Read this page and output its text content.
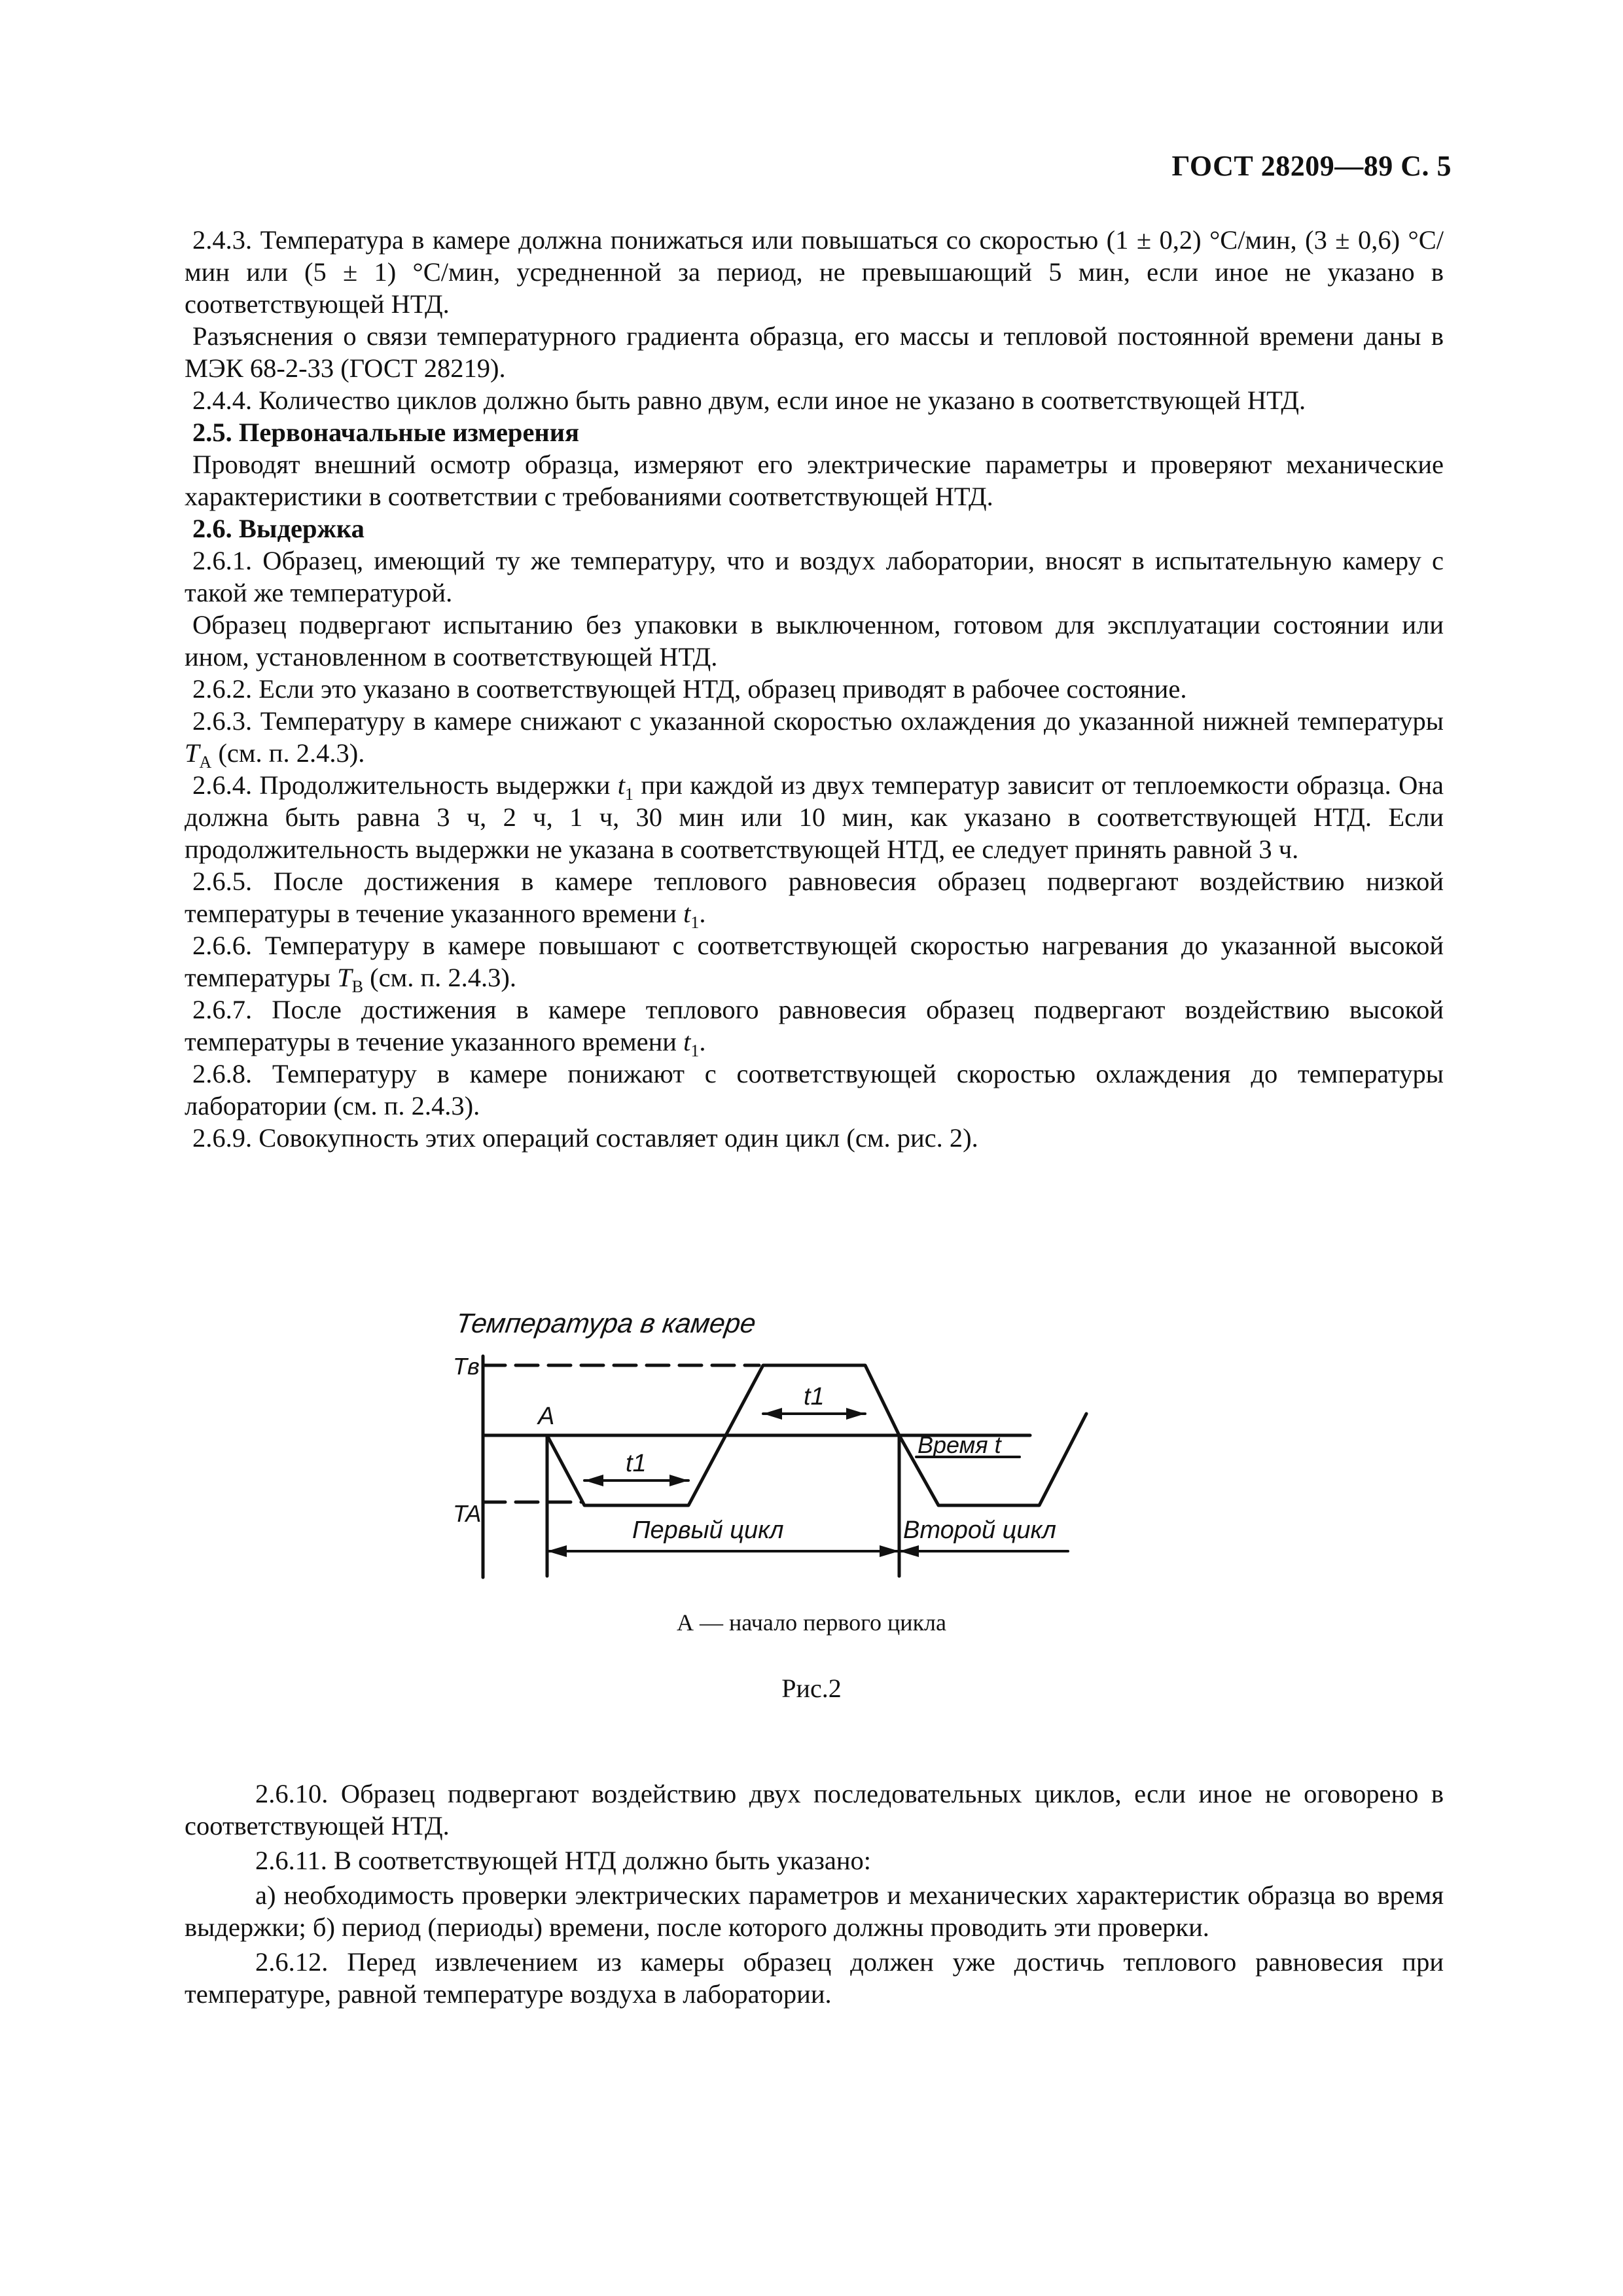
ГОСТ 28209—89 С. 5

2.4.3. Температура в камере должна понижаться или повышаться со скоростью (1 ± 0,2) °С/мин, (3 ± 0,6) °С/мин или (5 ± 1) °С/мин, усредненной за период, не превышающий 5 мин, если иное не указано в соответствующей НТД.

Разъяснения о связи температурного градиента образца, его массы и тепловой постоянной времени даны в МЭК 68-2-33 (ГОСТ 28219).

2.4.4. Количество циклов должно быть равно двум, если иное не указано в соответствующей НТД.

2.5. Первоначальные измерения

Проводят внешний осмотр образца, измеряют его электрические параметры и проверяют механические характеристики в соответствии с требованиями соответствующей НТД.

2.6. Выдержка

2.6.1. Образец, имеющий ту же температуру, что и воздух лаборатории, вносят в испытательную камеру с такой же температурой.

Образец подвергают испытанию без упаковки в выключенном, готовом для эксплуатации состоянии или ином, установленном в соответствующей НТД.

2.6.2. Если это указано в соответствующей НТД, образец приводят в рабочее состояние.

2.6.3. Температуру в камере снижают с указанной скоростью охлаждения до указанной нижней температуры $T_A$ (см. п. 2.4.3).

2.6.4. Продолжительность выдержки $t_1$ при каждой из двух температур зависит от теплоемкости образца. Она должна быть равна 3 ч, 2 ч, 1 ч, 30 мин или 10 мин, как указано в соответствующей НТД. Если продолжительность выдержки не указана в соответствующей НТД, ее следует принять равной 3 ч.

2.6.5. После достижения в камере теплового равновесия образец подвергают воздействию низкой температуры в течение указанного времени $t_1$.

2.6.6. Температуру в камере повышают с соответствующей скоростью нагревания до указанной высокой температуры $T_B$ (см. п. 2.4.3).

2.6.7. После достижения в камере теплового равновесия образец подвергают воздействию высокой температуры в течение указанного времени $t_1$.

2.6.8. Температуру в камере понижают с соответствующей скоростью охлаждения до температуры лаборатории (см. п. 2.4.3).

2.6.9. Совокупность этих операций составляет один цикл (см. рис. 2).

Температура в камере
Tв
TA
A
t1
t1
Время t
Первый цикл	Второй цикл
А — начало первого цикла
Рис.2

2.6.10. Образец подвергают воздействию двух последовательных циклов, если иное не оговорено в соответствующей НТД.

2.6.11. В соответствующей НТД должно быть указано:

а) необходимость проверки электрических параметров и механических характеристик образца во время выдержки; б) период (периоды) времени, после которого должны проводить эти проверки.

2.6.12. Перед извлечением из камеры образец должен уже достичь теплового равновесия при температуре, равной температуре воздуха в лаборатории.
